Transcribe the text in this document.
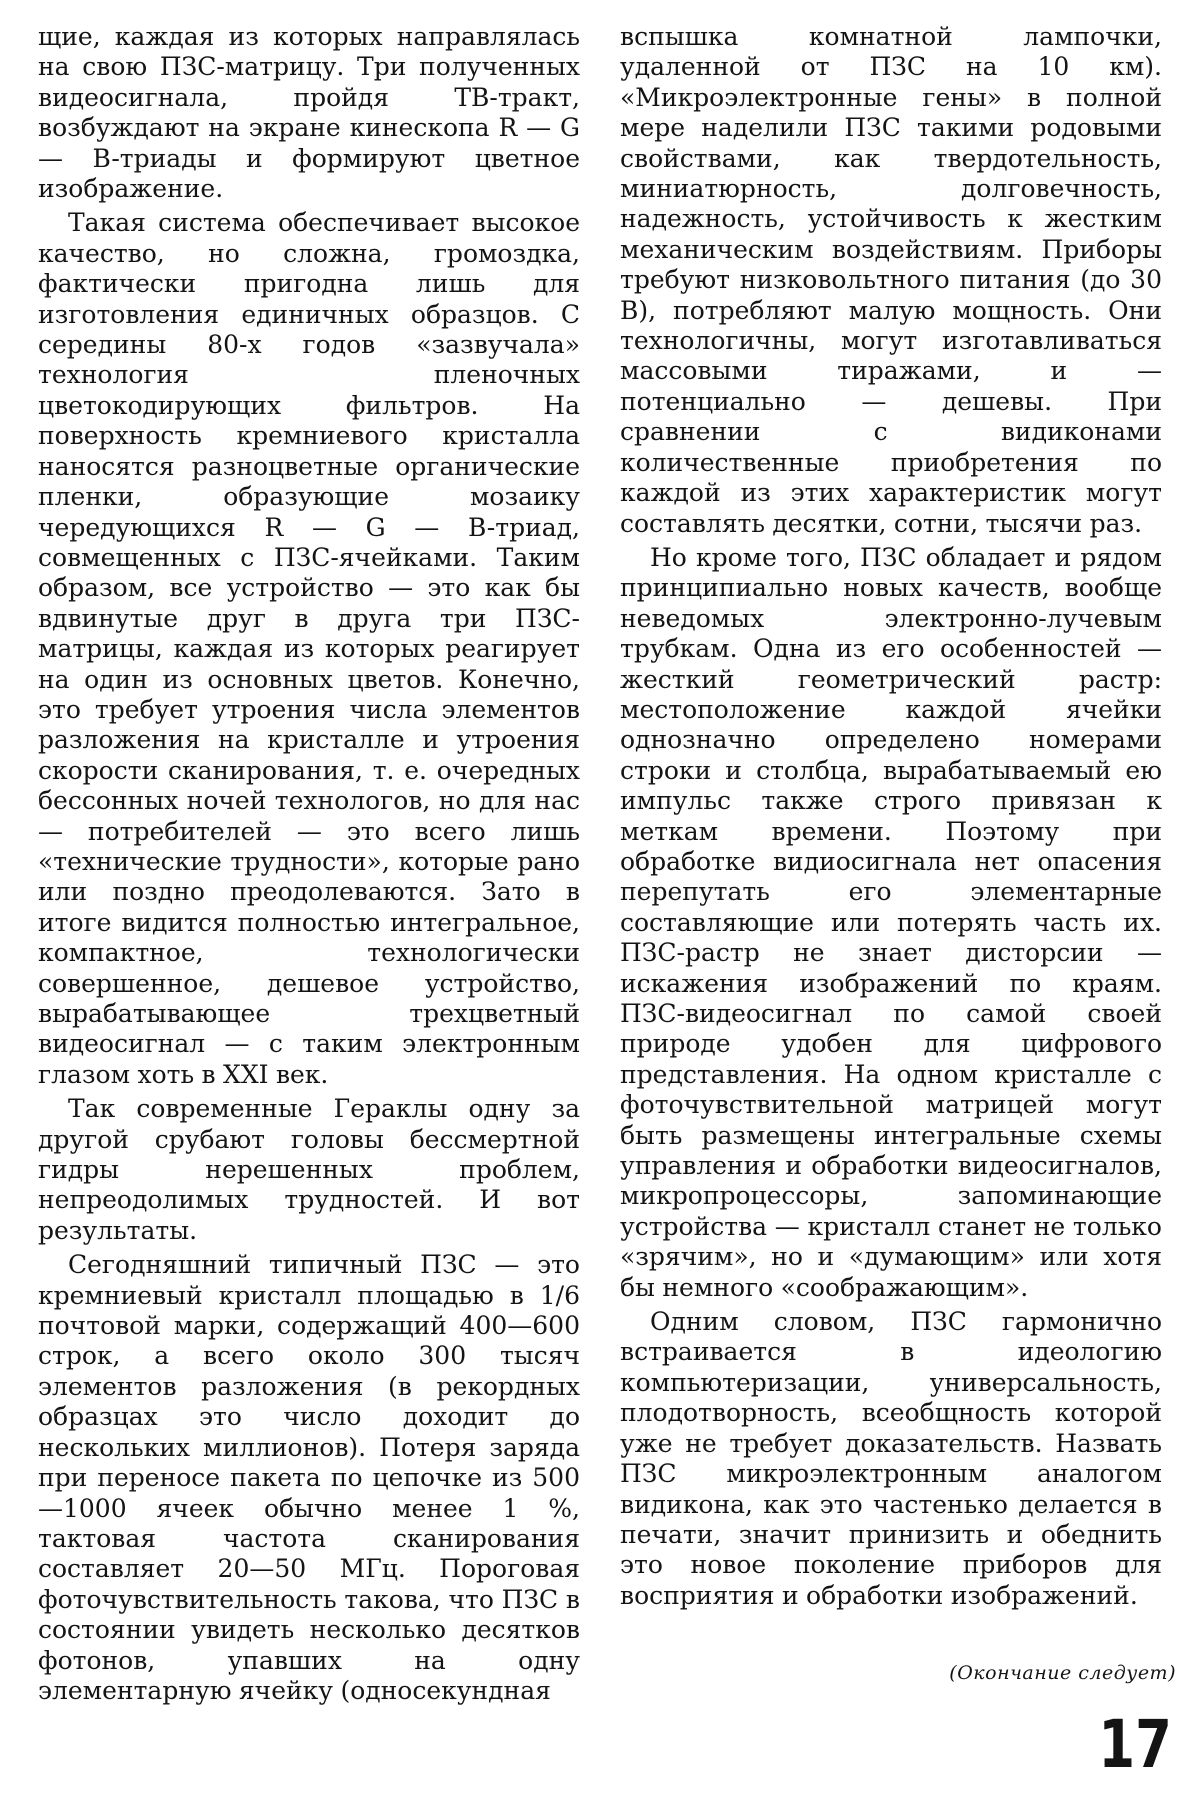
щие, каждая из которых направлялась на свою ПЗС-матрицу. Три полученных видеосигнала, пройдя ТВ-тракт, возбуждают на экране кинескопа R — G — B-триады и формируют цветное изображение.

Такая система обеспечивает высокое качество, но сложна, громоздка, фактически пригодна лишь для изготовления единичных образцов. С середины 80-х годов «зазвучала» технология пленочных цветокодирующих фильтров. На поверхность кремниевого кристалла наносятся разноцветные органические пленки, образующие мозаику чередующихся R — G — B-триад, совмещенных с ПЗС-ячейками. Таким образом, все устройство — это как бы вдвинутые друг в друга три ПЗС-матрицы, каждая из которых реагирует на один из основных цветов. Конечно, это требует утроения числа элементов разложения на кристалле и утроения скорости сканирования, т. е. очередных бессонных ночей технологов, но для нас — потребителей — это всего лишь «технические трудности», которые рано или поздно преодолеваются. Зато в итоге видится полностью интегральное, компактное, технологически совершенное, дешевое устройство, вырабатывающее трехцветный видеосигнал — с таким электронным глазом хоть в XXI век.

Так современные Гераклы одну за другой срубают головы бессмертной гидры нерешенных проблем, непреодолимых трудностей. И вот результаты.

Сегодняшний типичный ПЗС — это кремниевый кристалл площадью в 1/6 почтовой марки, содержащий 400—600 строк, а всего около 300 тысяч элементов разложения (в рекордных образцах это число доходит до нескольких миллионов). Потеря заряда при переносе пакета по цепочке из 500—1000 ячеек обычно менее 1 %, тактовая частота сканирования составляет 20—50 МГц. Пороговая фоточувствительность такова, что ПЗС в состоянии увидеть несколько десятков фотонов, упавших на одну элементарную ячейку (односекундная

вспышка комнатной лампочки, удаленной от ПЗС на 10 км). «Микроэлектронные гены» в полной мере наделили ПЗС такими родовыми свойствами, как твердотельность, миниатюрность, долговечность, надежность, устойчивость к жестким механическим воздействиям. Приборы требуют низковольтного питания (до 30 В), потребляют малую мощность. Они технологичны, могут изготавливаться массовыми тиражами, и — потенциально — дешевы. При сравнении с видиконами количественные приобретения по каждой из этих характеристик могут составлять десятки, сотни, тысячи раз.

Но кроме того, ПЗС обладает и рядом принципиально новых качеств, вообще неведомых электронно-лучевым трубкам. Одна из его особенностей — жесткий геометрический растр: местоположение каждой ячейки однозначно определено номерами строки и столбца, вырабатываемый ею импульс также строго привязан к меткам времени. Поэтому при обработке видиосигнала нет опасения перепутать его элементарные составляющие или потерять часть их. ПЗС-растр не знает дисторсии — искажения изображений по краям. ПЗС-видеосигнал по самой своей природе удобен для цифрового представления. На одном кристалле с фоточувствительной матрицей могут быть размещены интегральные схемы управления и обработки видеосигналов, микропроцессоры, запоминающие устройства — кристалл станет не только «зрячим», но и «думающим» или хотя бы немного «соображающим».

Одним словом, ПЗС гармонично встраивается в идеологию компьютеризации, универсальность, плодотворность, всеобщность которой уже не требует доказательств. Назвать ПЗС микроэлектронным аналогом видикона, как это частенько делается в печати, значит принизить и обеднить это новое поколение приборов для восприятия и обработки изображений.

(Окончание следует)
17
